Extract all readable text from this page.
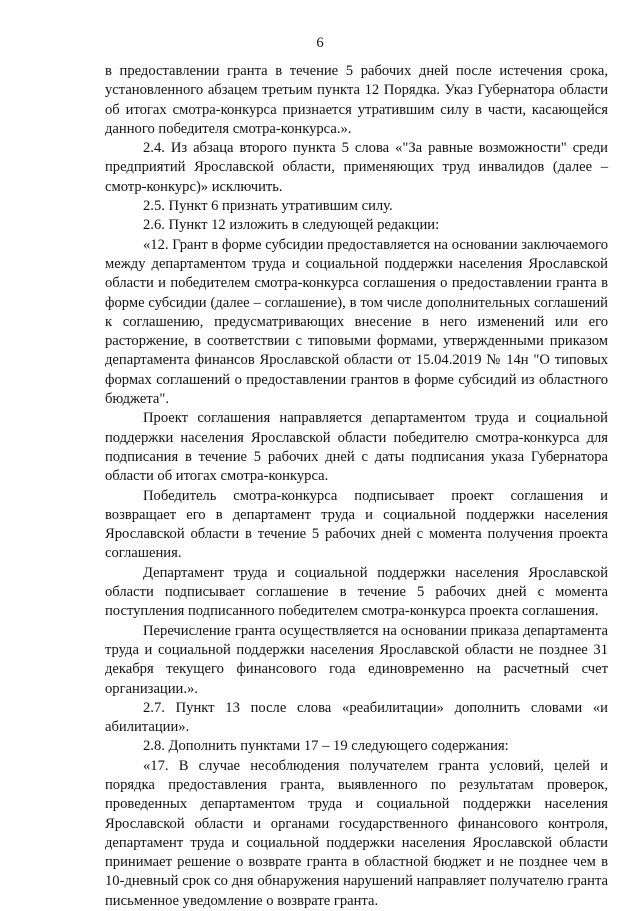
6

в предоставлении гранта в течение 5 рабочих дней после истечения срока, установленного абзацем третьим пункта 12 Порядка. Указ Губернатора области об итогах смотра-конкурса признается утратившим силу в части, касающейся данного победителя смотра-конкурса.».

2.4. Из абзаца второго пункта 5 слова «"За равные возможности" среди предприятий Ярославской области, применяющих труд инвалидов (далее – смотр-конкурс)» исключить.

2.5. Пункт 6 признать утратившим силу.

2.6. Пункт 12 изложить в следующей редакции:

«12. Грант в форме субсидии предоставляется на основании заключаемого между департаментом труда и социальной поддержки населения Ярославской области и победителем смотра-конкурса соглашения о предоставлении гранта в форме субсидии (далее – соглашение), в том числе дополнительных соглашений к соглашению, предусматривающих внесение в него изменений или его расторжение, в соответствии с типовыми формами, утвержденными приказом департамента финансов Ярославской области от 15.04.2019 № 14н "О типовых формах соглашений о предоставлении грантов в форме субсидий из областного бюджета".

Проект соглашения направляется департаментом труда и социальной поддержки населения Ярославской области победителю смотра-конкурса для подписания в течение 5 рабочих дней с даты подписания указа Губернатора области об итогах смотра-конкурса.

Победитель смотра-конкурса подписывает проект соглашения и возвращает его в департамент труда и социальной поддержки населения Ярославской области в течение 5 рабочих дней с момента получения проекта соглашения.

Департамент труда и социальной поддержки населения Ярославской области подписывает соглашение в течение 5 рабочих дней с момента поступления подписанного победителем смотра-конкурса проекта соглашения.

Перечисление гранта осуществляется на основании приказа департамента труда и социальной поддержки населения Ярославской области не позднее 31 декабря текущего финансового года единовременно на расчетный счет организации.».

2.7. Пункт 13 после слова «реабилитации» дополнить словами «и абилитации».

2.8. Дополнить пунктами 17 – 19 следующего содержания:

«17. В случае несоблюдения получателем гранта условий, целей и порядка предоставления гранта, выявленного по результатам проверок, проведенных департаментом труда и социальной поддержки населения Ярославской области и органами государственного финансового контроля, департамент труда и социальной поддержки населения Ярославской области принимает решение о возврате гранта в областной бюджет и не позднее чем в 10-дневный срок со дня обнаружения нарушений направляет получателю гранта письменное уведомление о возврате гранта.
